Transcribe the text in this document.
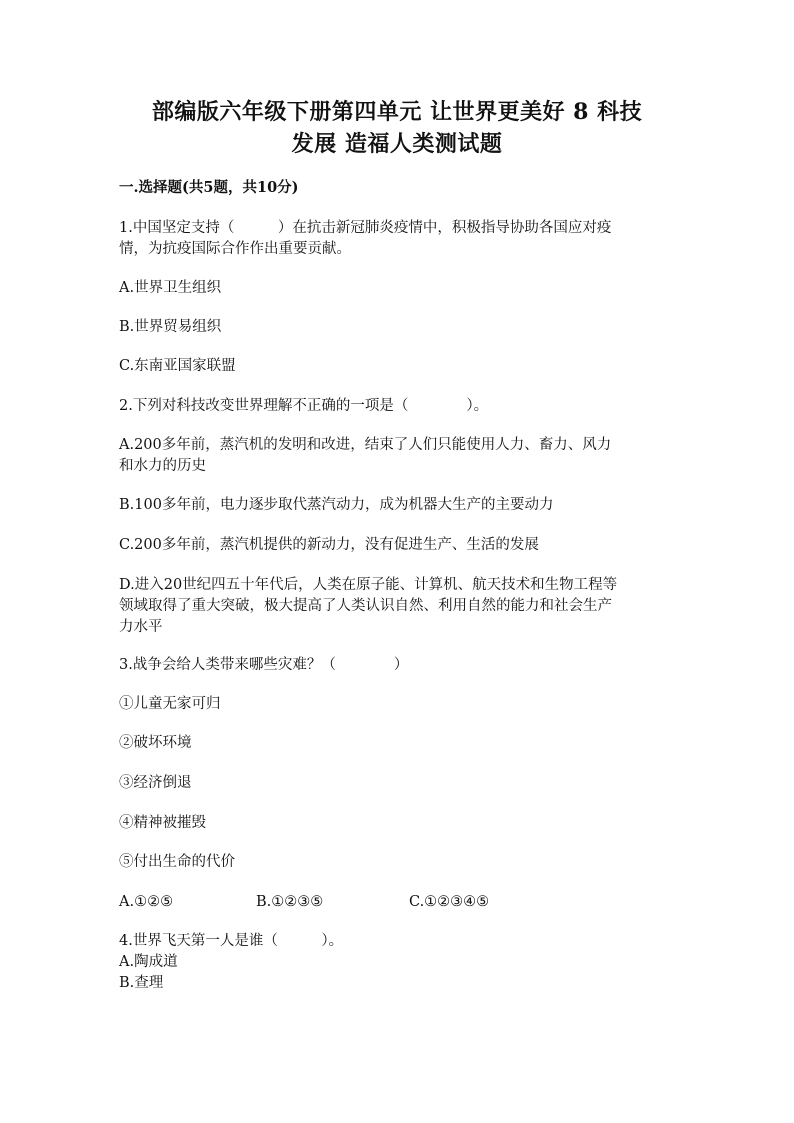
部编版六年级下册第四单元 让世界更美好 8 科技
发展 造福人类测试题
一.选择题(共5题，共10分)
1.中国坚定支持（　　　）在抗击新冠肺炎疫情中，积极指导协助各国应对疫
情，为抗疫国际合作作出重要贡献。
A.世界卫生组织
B.世界贸易组织
C.东南亚国家联盟
2.下列对科技改变世界理解不正确的一项是（　　　　）。
A.200多年前，蒸汽机的发明和改进，结束了人们只能使用人力、畜力、风力
和水力的历史
B.100多年前，电力逐步取代蒸汽动力，成为机器大生产的主要动力
C.200多年前，蒸汽机提供的新动力，没有促进生产、生活的发展
D.进入20世纪四五十年代后，人类在原子能、计算机、航天技术和生物工程等
领域取得了重大突破，极大提高了人类认识自然、利用自然的能力和社会生产
力水平
3.战争会给人类带来哪些灾难？（　　　　）
①儿童无家可归
②破坏环境
③经济倒退
④精神被摧毁
⑤付出生命的代价
A.①②⑤	B.①②③⑤	C.①②③④⑤
4.世界飞天第一人是谁（　　　）。
A.陶成道
B.查理
